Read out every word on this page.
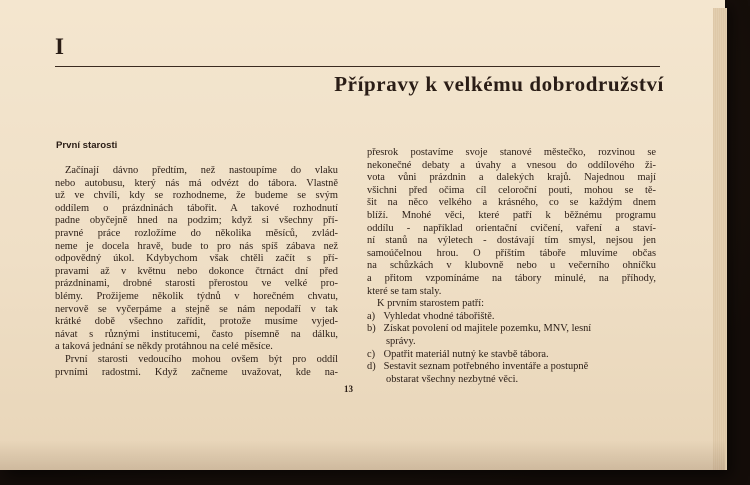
I
Přípravy k velkému dobrodružství
První starosti
Začínají dávno předtím, než nastoupíme do vlaku
nebo autobusu, který nás má odvézt do tábora. Vlastně
už ve chvíli, kdy se rozhodneme, že budeme se svým
oddílem o prázdninách tábořit. A takové rozhodnutí
padne obyčejně hned na podzim; když si všechny pří-
pravné práce rozložíme do několika měsíců, zvlád-
neme je docela hravě, bude to pro nás spíš zábava než
odpovědný úkol. Kdybychom však chtěli začít s pří-
pravami až v květnu nebo dokonce čtrnáct dní před
prázdninami, drobné starosti přerostou ve velké pro-
blémy. Prožijeme několik týdnů v horečném chvatu,
nervově se vyčerpáme a stejně se nám nepodaří v tak
krátké době všechno zařídit, protože musíme vyjed-
návat s různými institucemi, často písemně na dálku,
a taková jednání se někdy protáhnou na celé měsíce.
První starosti vedoucího mohou ovšem být pro oddíl
prvními radostmi. Když začneme uvažovat, kde na-
13
přesrok postavíme svoje stanové městečko, rozvinou se
nekonečné debaty a úvahy a vnesou do oddílového ži-
vota vůni prázdnin a dalekých krajů. Najednou mají
všichni před očima cíl celoroční pouti, mohou se tě-
šit na něco velkého a krásného, co se každým dnem
blíží. Mnohé věci, které patří k běžnému programu
oddílu - například orientační cvičení, vaření a staví-
ní stanů na výletech - dostávají tím smysl, nejsou jen
samoúčelnou hrou. O příštím táboře mluvíme občas
na schůzkách v klubovně nebo u večerního ohníčku
a přitom vzpomínáme na tábory minulé, na příhody,
které se tam staly.
K prvním starostem patří:
a) Vyhledat vhodné tábořiště.
b) Získat povolení od majitele pozemku, MNV, lesní
správy.
c) Opatřit materiál nutný ke stavbě tábora.
d) Sestavit seznam potřebného inventáře a postupně
obstarat všechny nezbytné věci.
